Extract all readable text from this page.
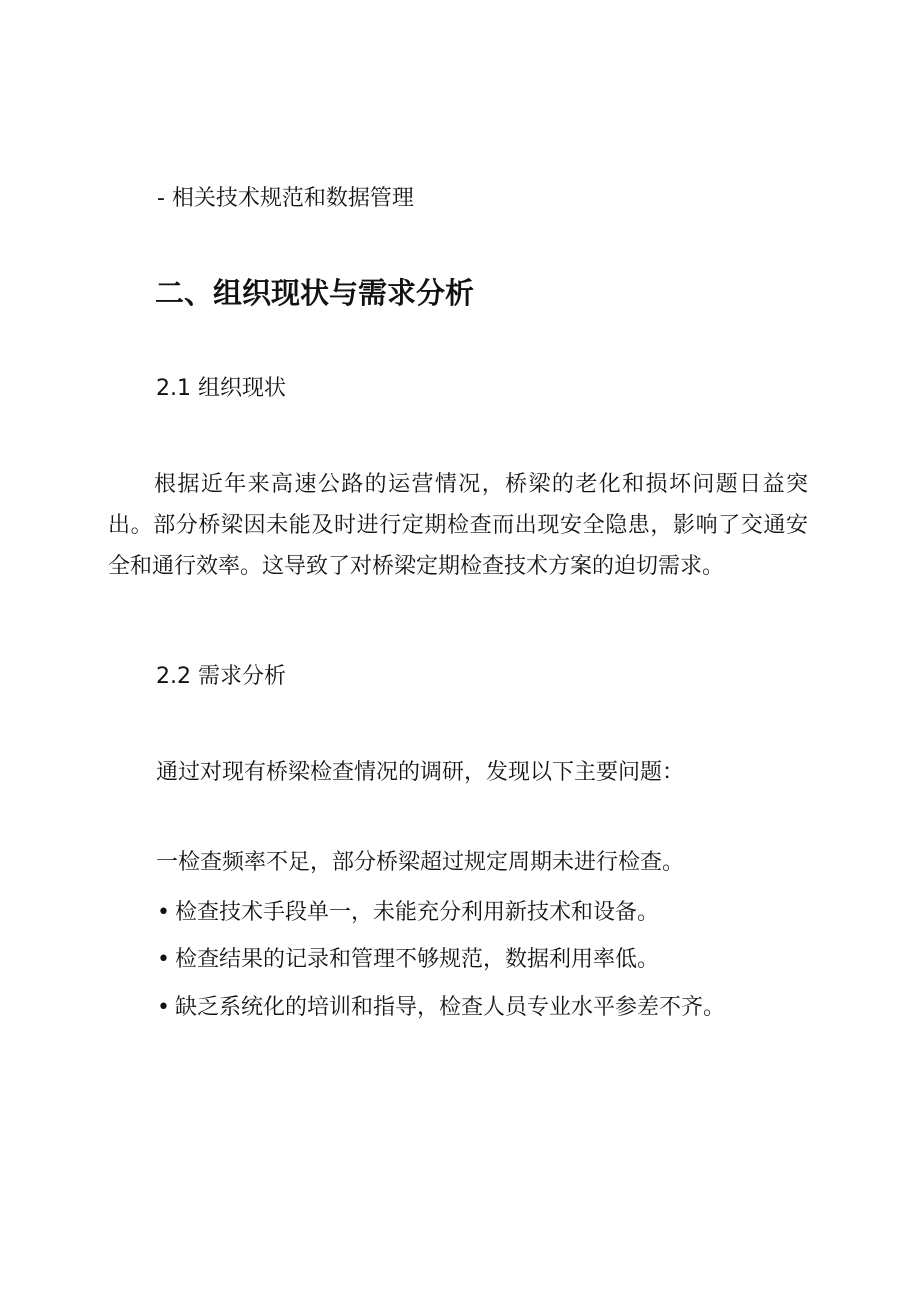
- 相关技术规范和数据管理
二、组织现状与需求分析
2.1 组织现状
根据近年来高速公路的运营情况，桥梁的老化和损坏问题日益突出。部分桥梁因未能及时进行定期检查而出现安全隐患，影响了交通安全和通行效率。这导致了对桥梁定期检查技术方案的迫切需求。
2.2 需求分析
通过对现有桥梁检查情况的调研，发现以下主要问题：
一检查频率不足，部分桥梁超过规定周期未进行检查。
• 检查技术手段单一，未能充分利用新技术和设备。
• 检查结果的记录和管理不够规范，数据利用率低。
• 缺乏系统化的培训和指导，检查人员专业水平参差不齐。
